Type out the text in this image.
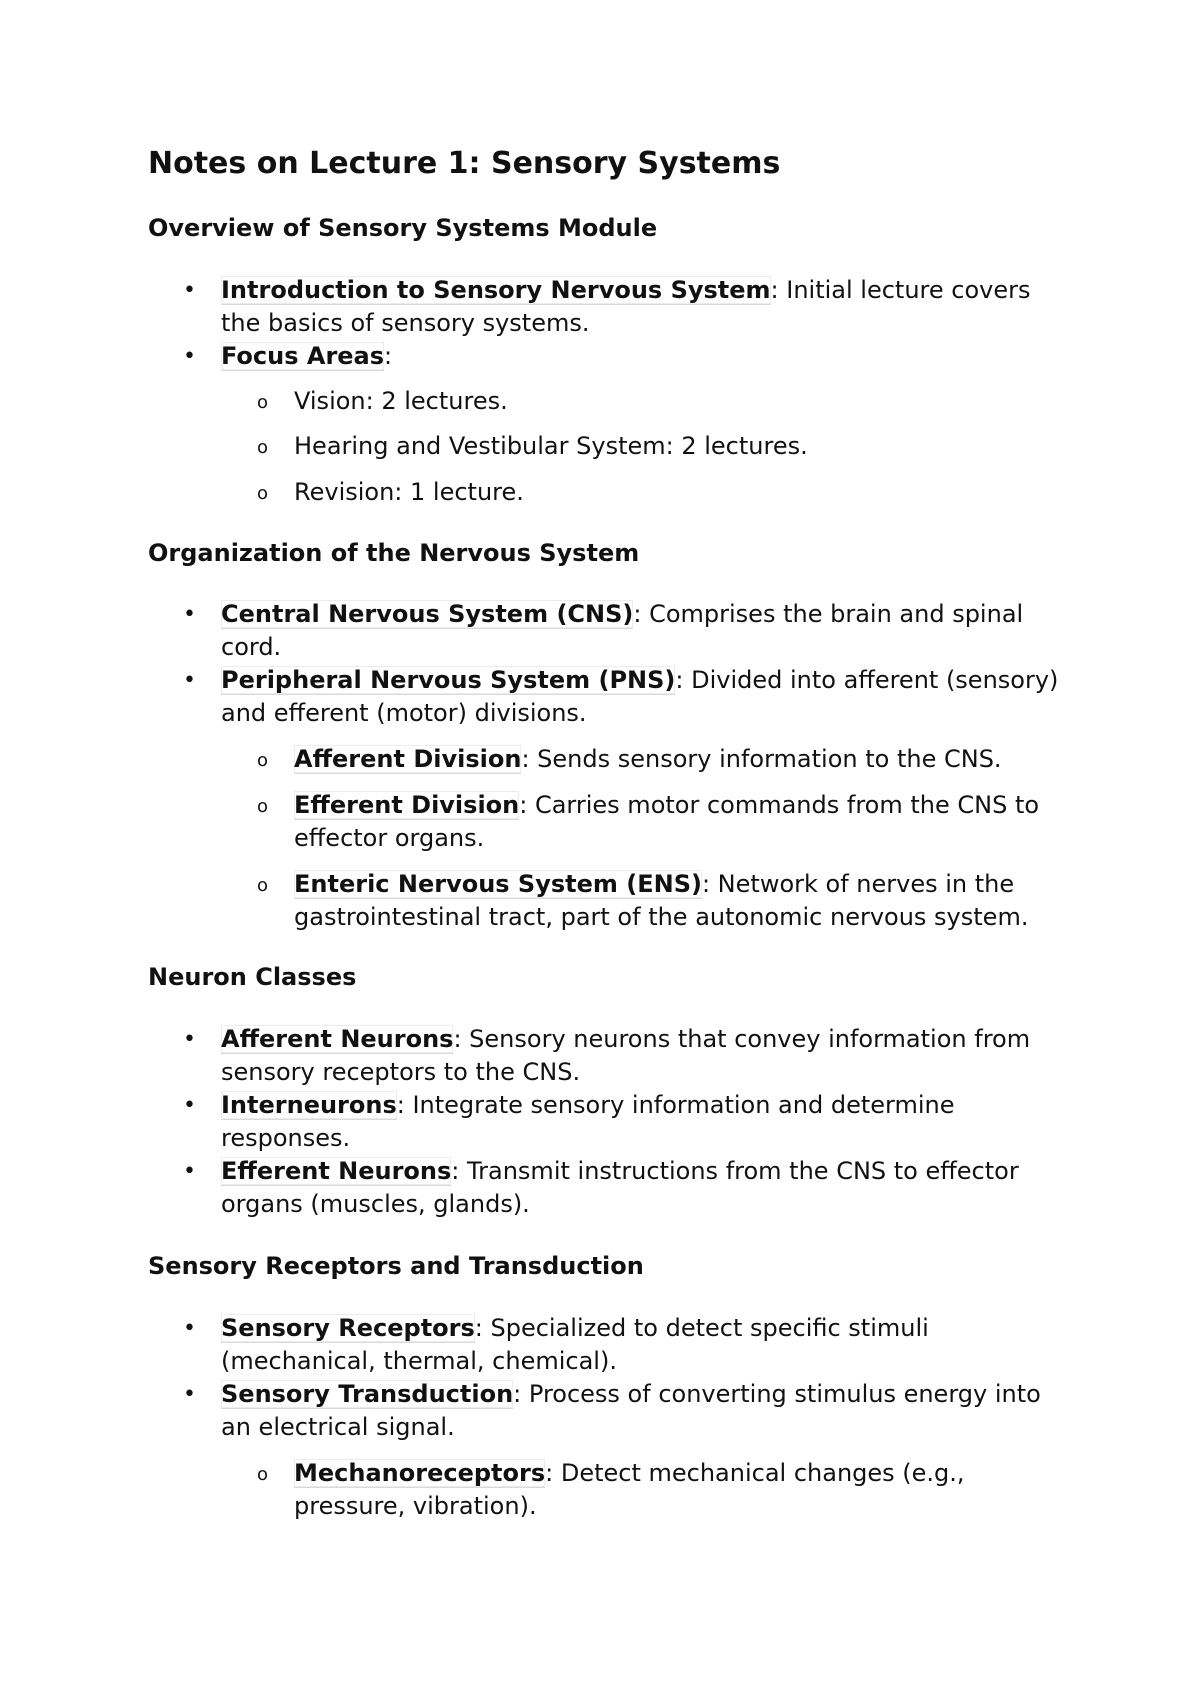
Notes on Lecture 1: Sensory Systems
Overview of Sensory Systems Module
• Introduction to Sensory Nervous System: Initial lecture covers the basics of sensory systems.
• Focus Areas:
o Vision: 2 lectures.
o Hearing and Vestibular System: 2 lectures.
o Revision: 1 lecture.
Organization of the Nervous System
• Central Nervous System (CNS): Comprises the brain and spinal cord.
• Peripheral Nervous System (PNS): Divided into afferent (sensory) and efferent (motor) divisions.
o Afferent Division: Sends sensory information to the CNS.
o Efferent Division: Carries motor commands from the CNS to effector organs.
o Enteric Nervous System (ENS): Network of nerves in the gastrointestinal tract, part of the autonomic nervous system.
Neuron Classes
• Afferent Neurons: Sensory neurons that convey information from sensory receptors to the CNS.
• Interneurons: Integrate sensory information and determine responses.
• Efferent Neurons: Transmit instructions from the CNS to effector organs (muscles, glands).
Sensory Receptors and Transduction
• Sensory Receptors: Specialized to detect specific stimuli (mechanical, thermal, chemical).
• Sensory Transduction: Process of converting stimulus energy into an electrical signal.
o Mechanoreceptors: Detect mechanical changes (e.g., pressure, vibration).
